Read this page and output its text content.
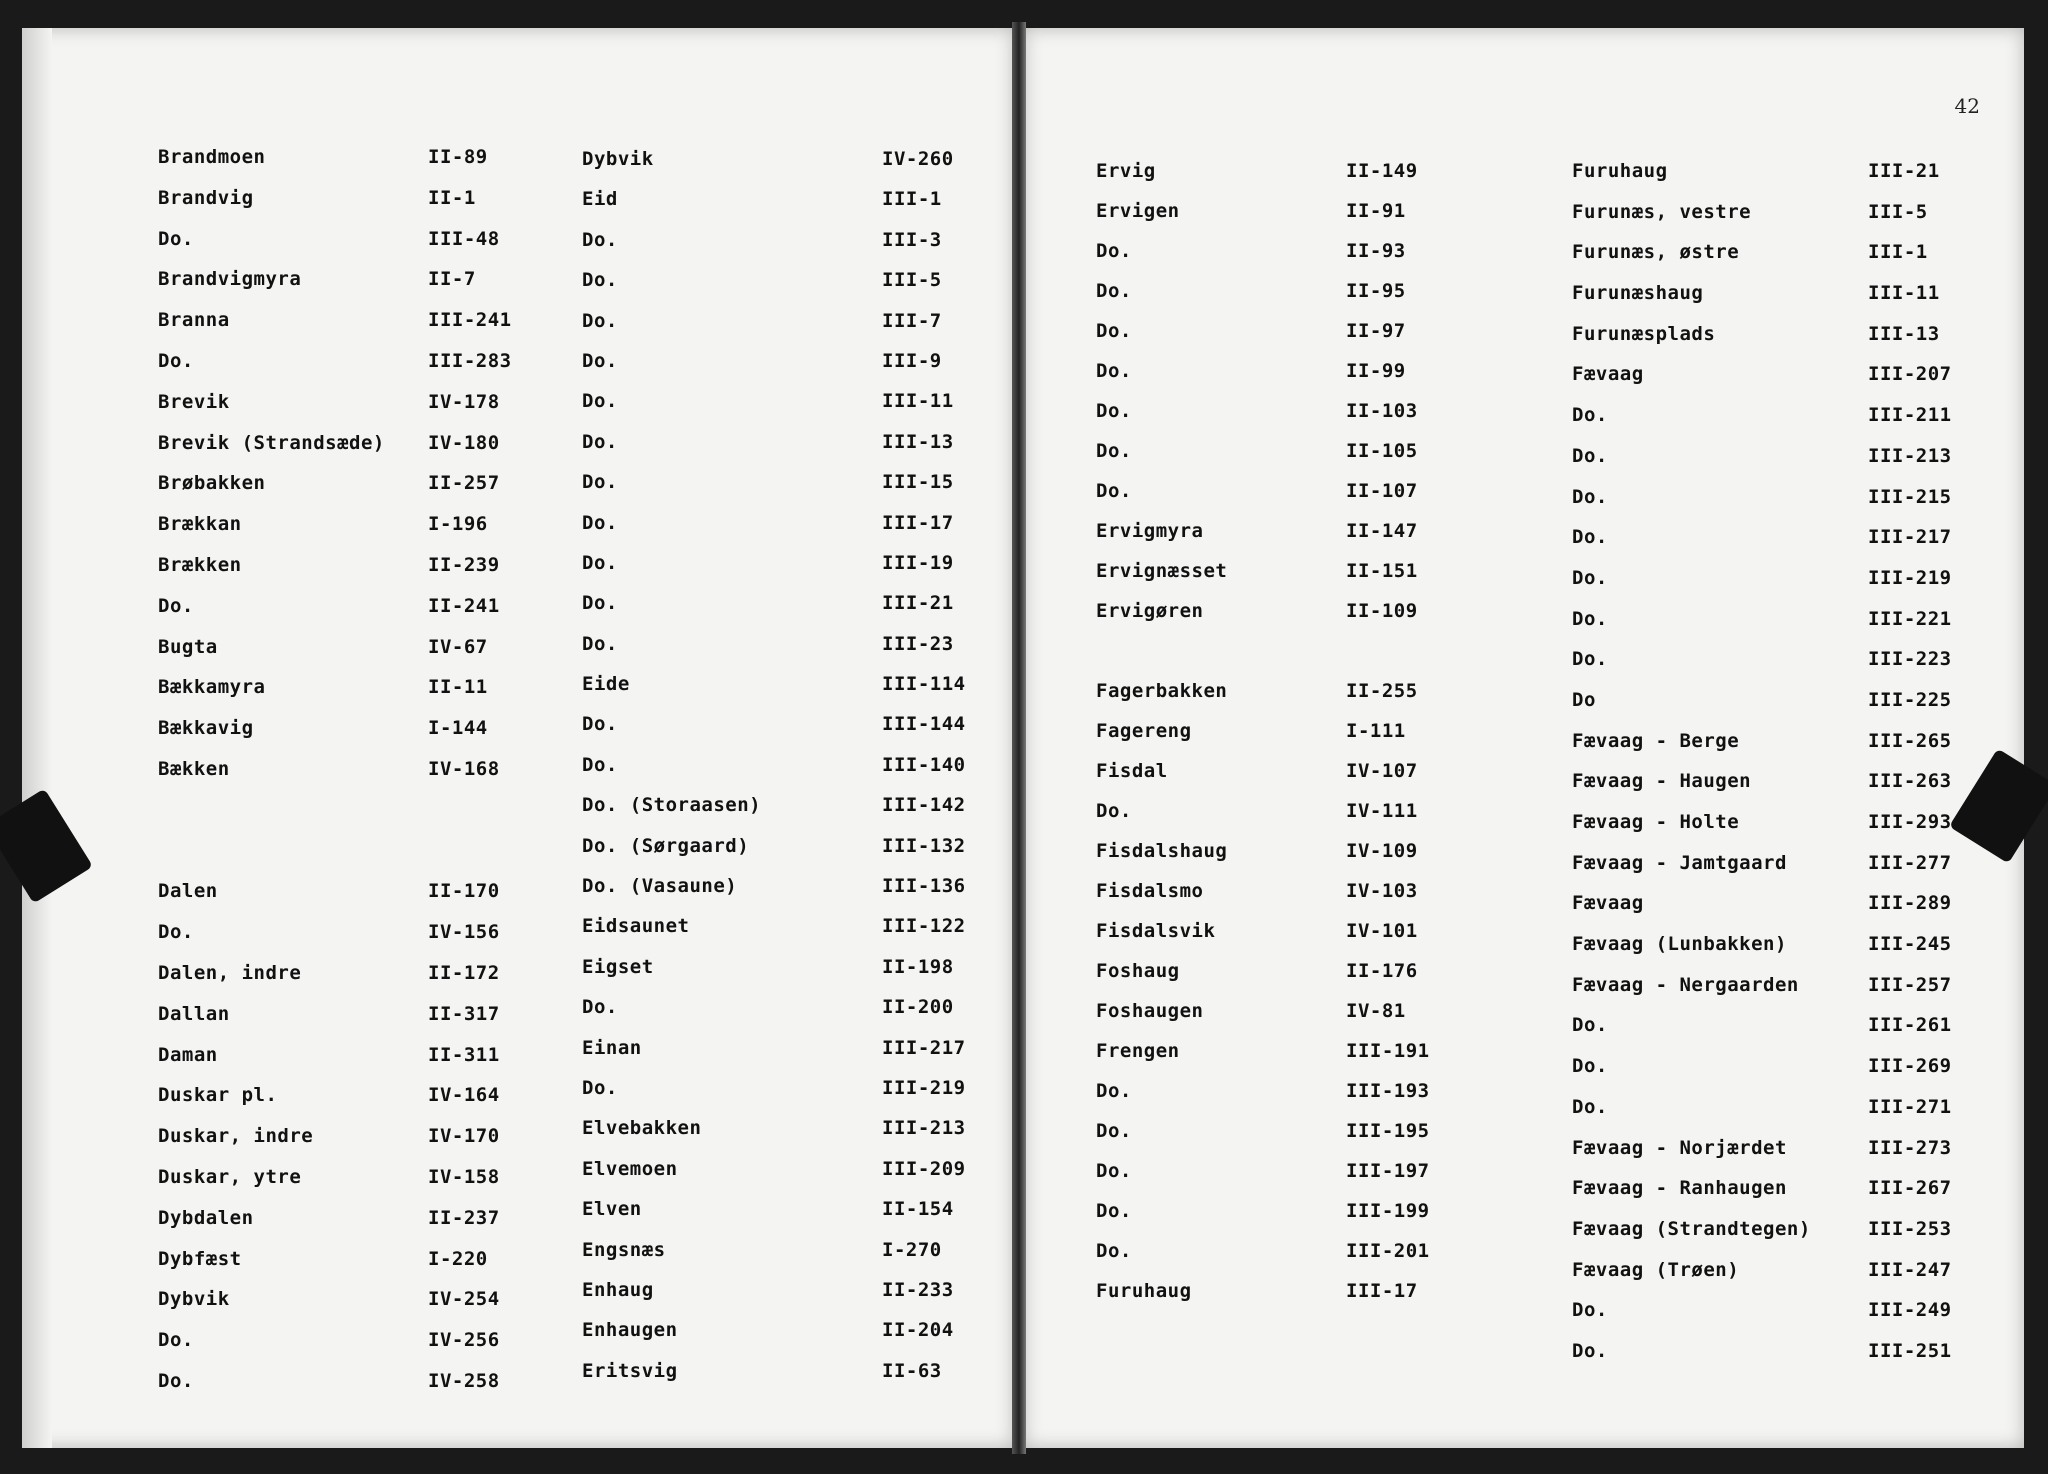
42
Brandmoen	II-89
Brandvig	II-1
Do.	III-48
Brandvigmyra	II-7
Branna	III-241
Do.	III-283
Brevik	IV-178
Brevik (Strandsæde) IV-180
Brøbakken	II-257
Brækkan	I-196
Brækken	II-239
Do.	II-241
Bugta	IV-67
Bækkamyra	II-11
Bækkavig	I-144
Bækken	IV-168
Dalen	II-170
Do.	IV-156
Dalen, indre	II-172
Dallan	II-317
Daman	II-311
Duskar pl.	IV-164
Duskar, indre	IV-170
Duskar, ytre	IV-158
Dybdalen	II-237
Dybfæst	I-220
Dybvik	IV-254
Do.	IV-256
Do.	IV-258
Dybvik	IV-260
Eid	III-1
Do.	III-3
Do.	III-5
Do.	III-7
Do.	III-9
Do.	III-11
Do.	III-13
Do.	III-15
Do.	III-17
Do.	III-19
Do.	III-21
Do.	III-23
Eide	III-114
Do.	III-144
Do.	III-140
Do. (Storaasen)	III-142
Do. (Sørgaard)	III-132
Do. (Vasaune)	III-136
Eidsaunet	III-122
Eigset	II-198
Do.	II-200
Einan	III-217
Do.	III-219
Elvebakken	III-213
Elvemoen	III-209
Elven	II-154
Engsnæs	I-270
Enhaug	II-233
Enhaugen	II-204
Eritsvig	II-63
Ervig	II-149
Ervigen	II-91
Do.	II-93
Do.	II-95
Do.	II-97
Do.	II-99
Do.	II-103
Do.	II-105
Do.	II-107
Ervigmyra	II-147
Ervignæsset	II-151
Ervigøren	II-109
Fagerbakken	II-255
Fagereng	I-111
Fisdal	IV-107
Do.	IV-111
Fisdalshaug	IV-109
Fisdalsmo	IV-103
Fisdalsvik	IV-101
Foshaug	II-176
Foshaugen	IV-81
Frengen	III-191
Do.	III-193
Do.	III-195
Do.	III-197
Do.	III-199
Do.	III-201
Furuhaug	III-17
Furuhaug	III-21
Furunæs, vestre	III-5
Furunæs, østre	III-1
Furunæshaug	III-11
Furunæsplads	III-13
Fævaag	III-207
Do.	III-211
Do.	III-213
Do.	III-215
Do.	III-217
Do.	III-219
Do.	III-221
Do.	III-223
Do	III-225
Fævaag - Berge	III-265
Fævaag - Haugen	III-263
Fævaag - Holte	III-293
Fævaag - Jamtgaard	III-277
Fævaag	III-289
Fævaag (Lunbakken)	III-245
Fævaag - Nergaarden	III-257
Do.	III-261
Do.	III-269
Do.	III-271
Fævaag - Norjærdet	III-273
Fævaag - Ranhaugen	III-267
Fævaag (Strandtegen)	III-253
Fævaag (Trøen)	III-247
Do.	III-249
Do.	III-251
